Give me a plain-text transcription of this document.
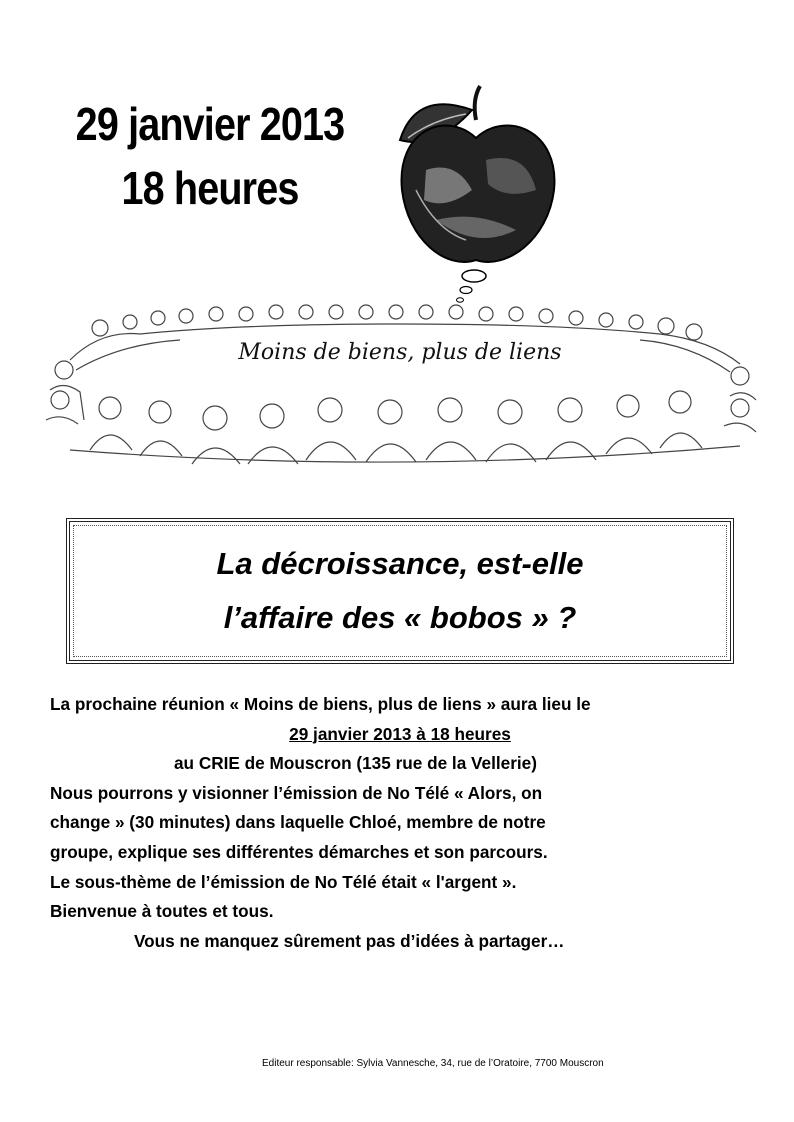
29 janvier 2013
18 heures
Moins de biens, plus de liens
La décroissance, est-elle
l’affaire des « bobos » ?
La prochaine réunion « Moins de biens, plus de liens » aura lieu le
29 janvier 2013 à 18 heures
au CRIE de Mouscron (135 rue de la Vellerie)
Nous pourrons y visionner l’émission de No Télé « Alors, on
change » (30 minutes) dans laquelle Chloé, membre de notre
groupe, explique ses différentes démarches et son parcours.
Le sous-thème de l’émission de No Télé était « l'argent ».
Bienvenue à toutes et tous.
Vous ne manquez sûrement pas d’idées à partager…
Editeur responsable: Sylvia Vannesche, 34, rue de l’Oratoire, 7700 Mouscron
